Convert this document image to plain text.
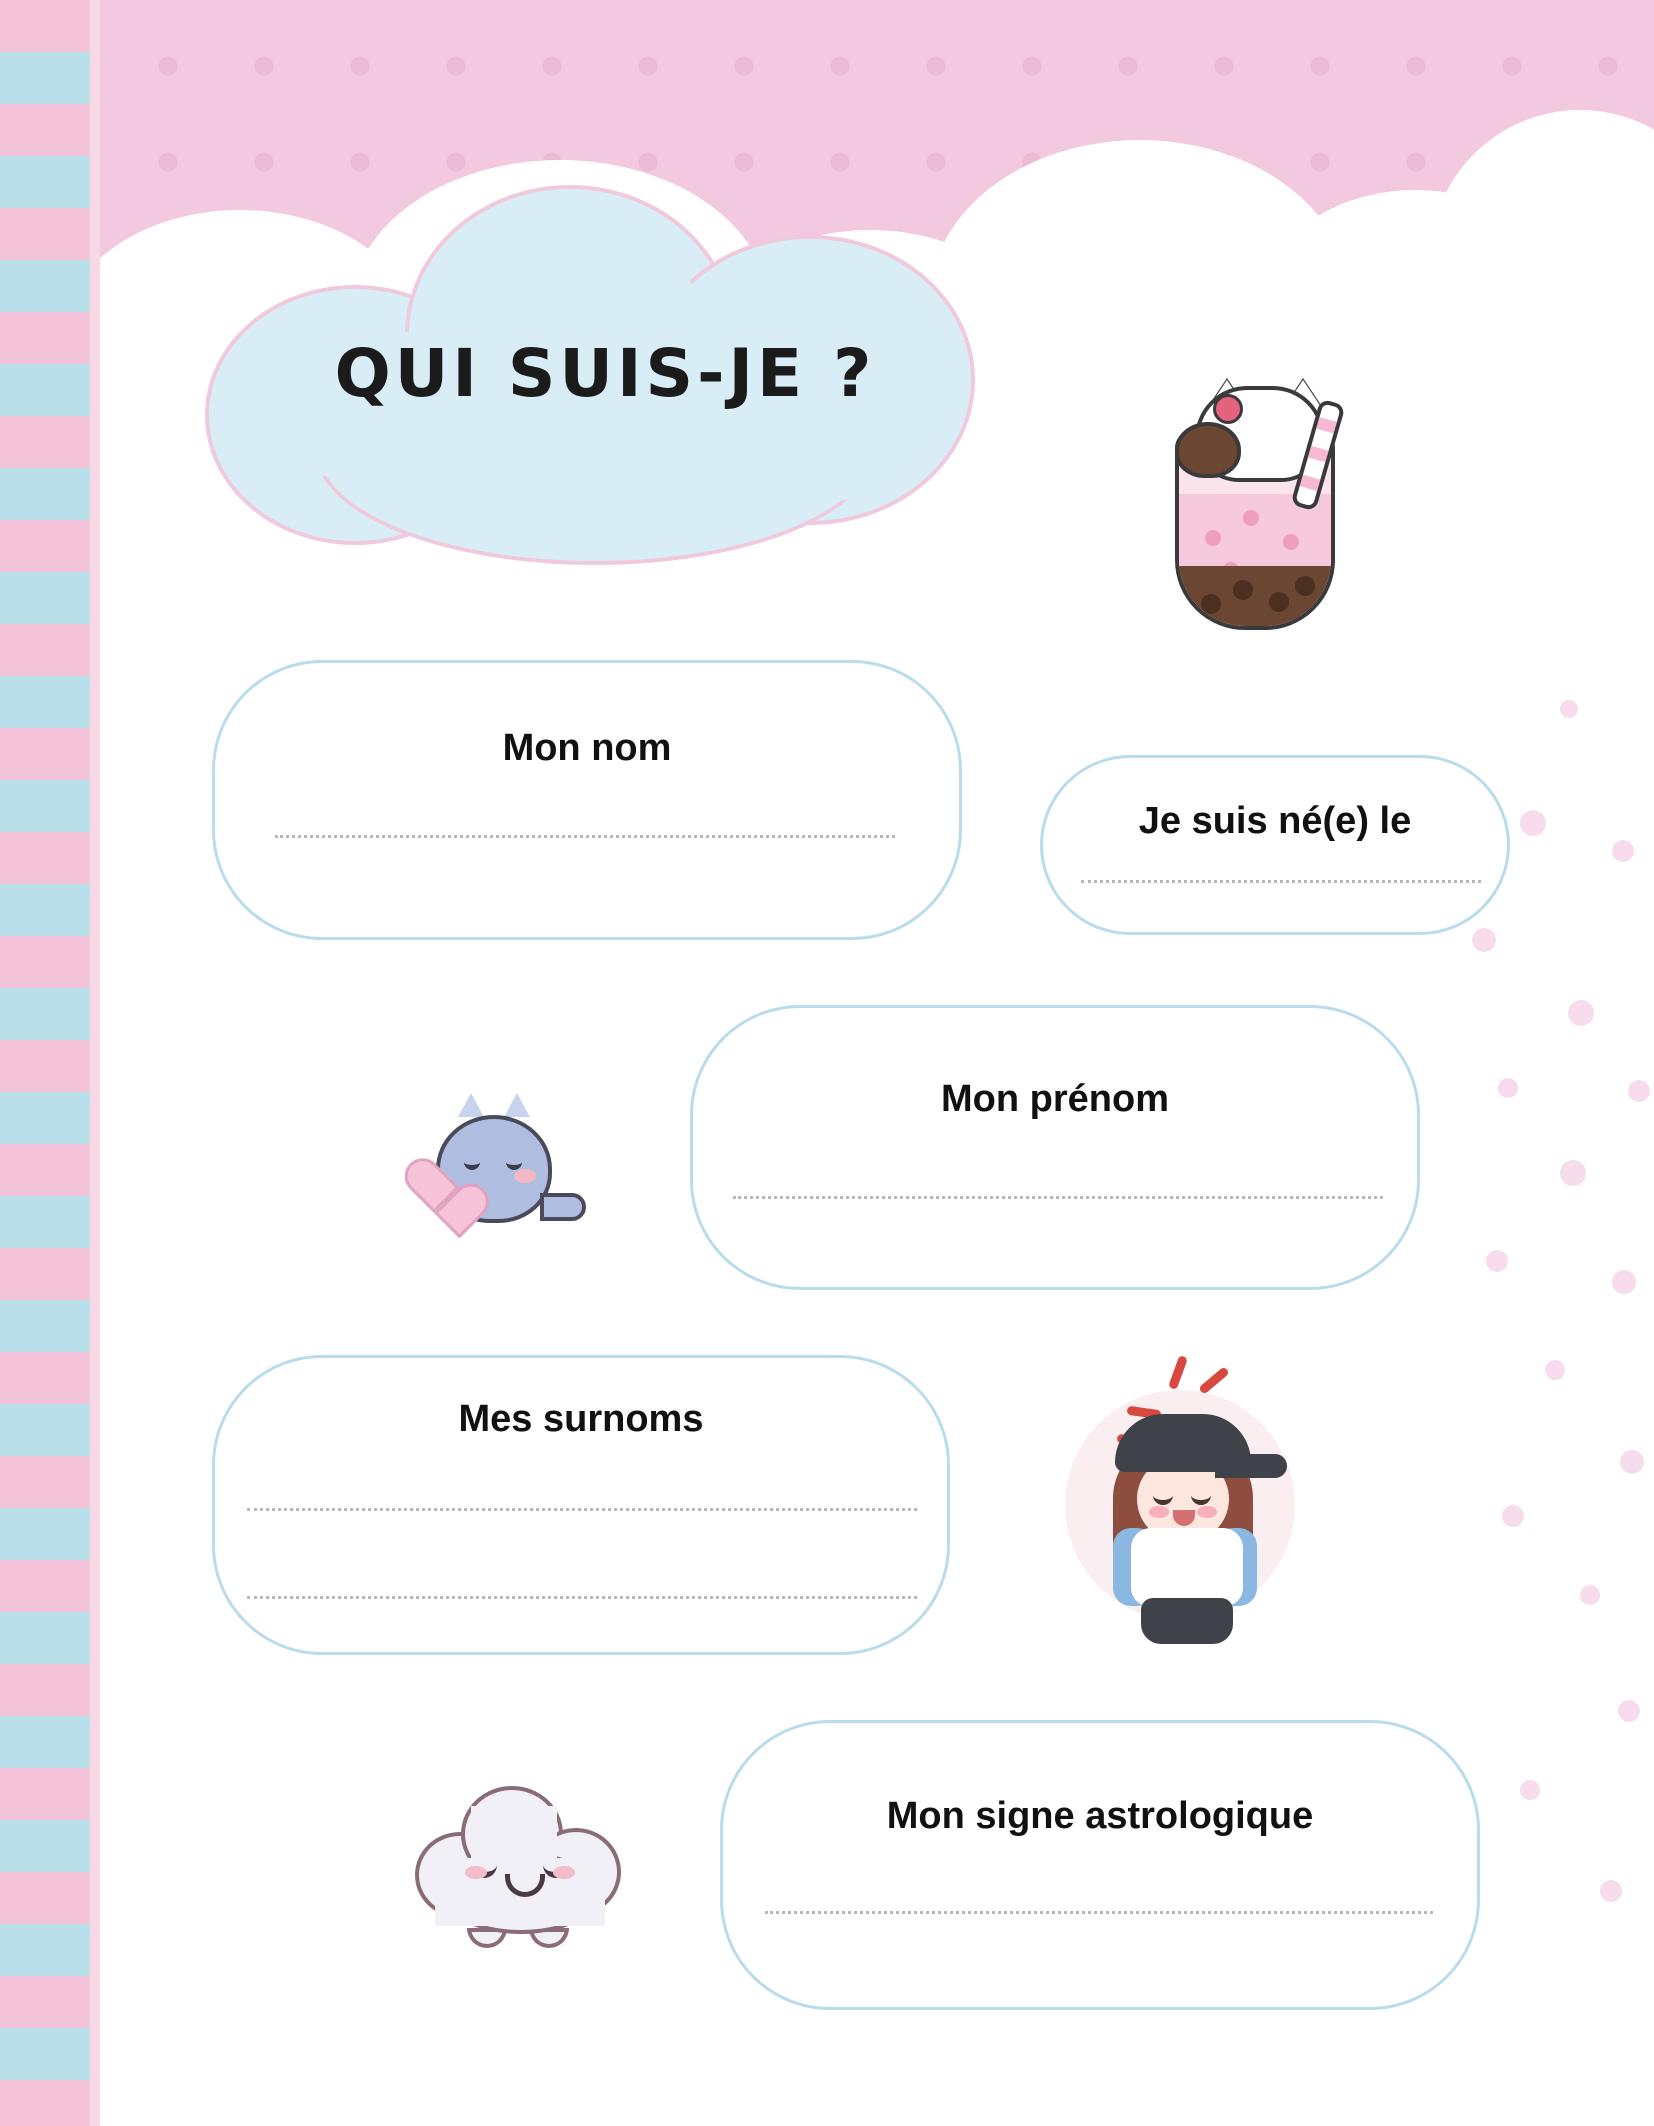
QUI SUIS-JE ?
Mon nom
Je suis né(e) le
Mon prénom
Mes surnoms
Mon signe astrologique
